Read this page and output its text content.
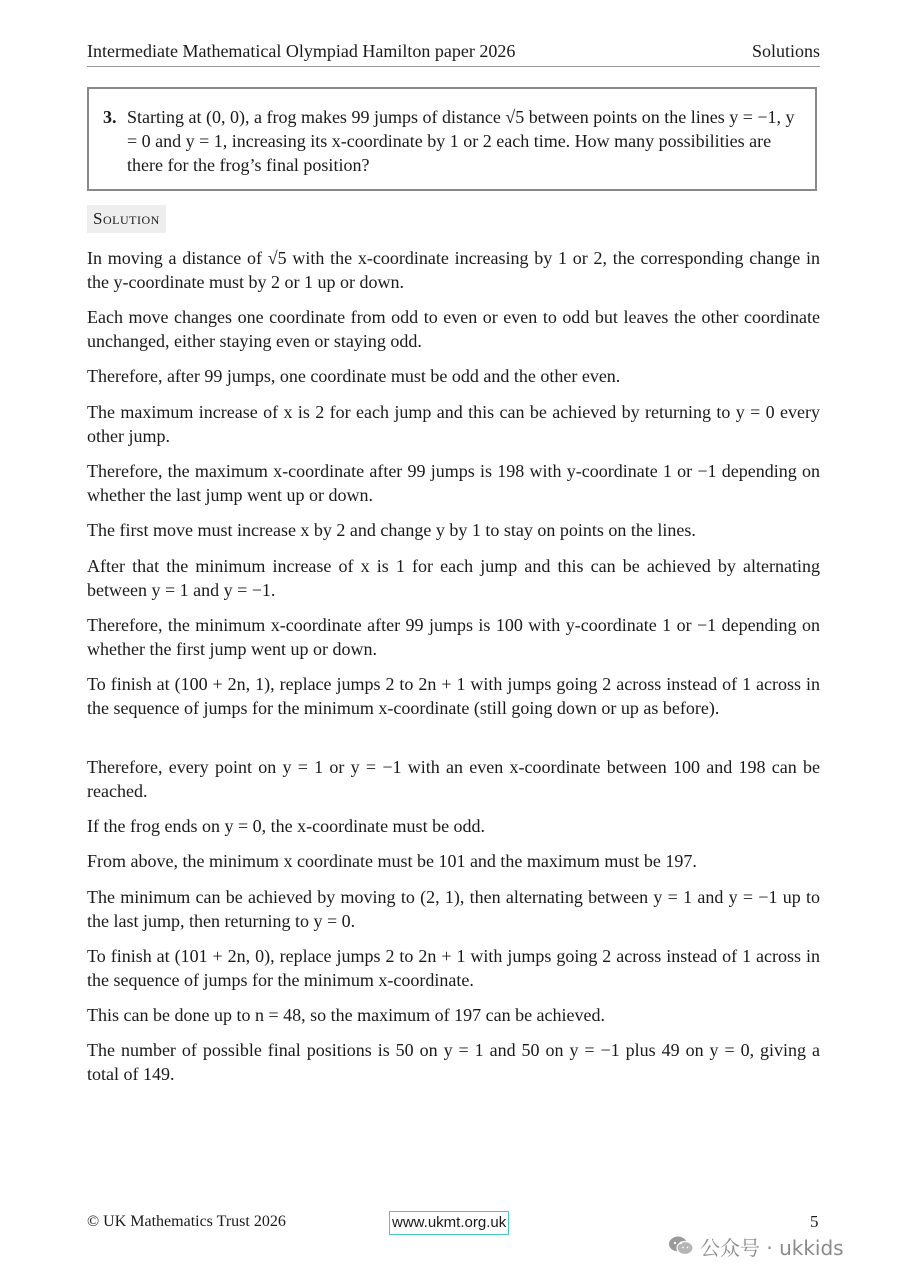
Intermediate Mathematical Olympiad Hamilton paper 2026	Solutions
3. Starting at (0, 0), a frog makes 99 jumps of distance √5 between points on the lines y = −1, y = 0 and y = 1, increasing its x-coordinate by 1 or 2 each time. How many possibilities are there for the frog’s final position?
Solution
In moving a distance of √5 with the x-coordinate increasing by 1 or 2, the corresponding change in the y-coordinate must by 2 or 1 up or down.
Each move changes one coordinate from odd to even or even to odd but leaves the other coordinate unchanged, either staying even or staying odd.
Therefore, after 99 jumps, one coordinate must be odd and the other even.
The maximum increase of x is 2 for each jump and this can be achieved by returning to y = 0 every other jump.
Therefore, the maximum x-coordinate after 99 jumps is 198 with y-coordinate 1 or −1 depending on whether the last jump went up or down.
The first move must increase x by 2 and change y by 1 to stay on points on the lines.
After that the minimum increase of x is 1 for each jump and this can be achieved by alternating between y = 1 and y = −1.
Therefore, the minimum x-coordinate after 99 jumps is 100 with y-coordinate 1 or −1 depending on whether the first jump went up or down.
To finish at (100 + 2n, 1), replace jumps 2 to 2n + 1 with jumps going 2 across instead of 1 across in the sequence of jumps for the minimum x-coordinate (still going down or up as before).
Therefore, every point on y = 1 or y = −1 with an even x-coordinate between 100 and 198 can be reached.
If the frog ends on y = 0, the x-coordinate must be odd.
From above, the minimum x coordinate must be 101 and the maximum must be 197.
The minimum can be achieved by moving to (2, 1), then alternating between y = 1 and y = −1 up to the last jump, then returning to y = 0.
To finish at (101 + 2n, 0), replace jumps 2 to 2n + 1 with jumps going 2 across instead of 1 across in the sequence of jumps for the minimum x-coordinate.
This can be done up to n = 48, so the maximum of 197 can be achieved.
The number of possible final positions is 50 on y = 1 and 50 on y = −1 plus 49 on y = 0, giving a total of 149.
© UK Mathematics Trust 2026	www.ukmt.org.uk	5
公众号 · ukkids
